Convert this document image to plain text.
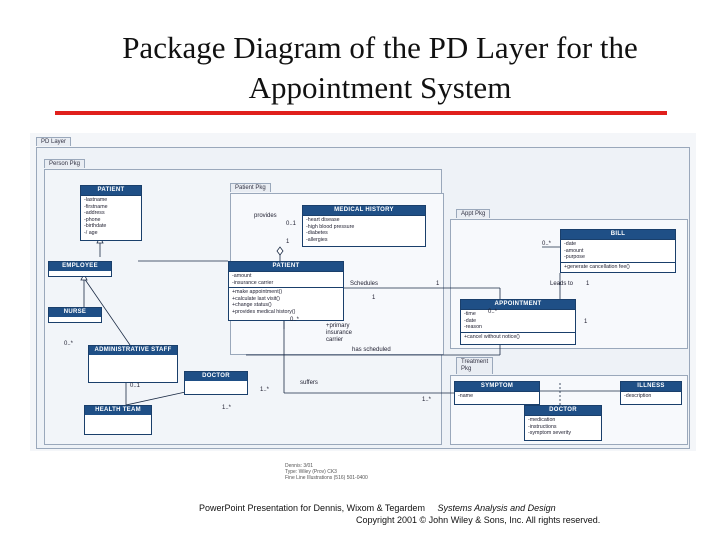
Package Diagram of the PD Layer for the
Appointment System
PD Layer
Person Pkg
Patient Pkg
Appt Pkg
Treatment
Pkg
PATIENT
-lastname
-firstname
-address
-phone
-birthdate
-/ age
EMPLOYEE
NURSE
ADMINISTRATIVE STAFF
DOCTOR
HEALTH TEAM
MEDICAL HISTORY
-heart disease
-high blood pressure
-diabetes
-allergies
PATIENT
-amount
-insurance carrier
+make appointment()
+calculate last visit()
+change status()
+provides medical history()
BILL
-date
-amount
-purpose
+generate cancellation fee()
APPOINTMENT
-time
-date
-reason
+cancel without notice()
SYMPTOM
-name
ILLNESS
-description
DOCTOR
-medication
-instructions
-symptom severity
provides
Schedules	Leads to
has scheduled
suffers
+primary
insurance
carrier
0..1
1
1
0..*
0..*
1
1
0..*
0..*
1..*
0..1
1..*
1..*
1
Dennis: 3/01
Type: Wiley (Prov) CK3
Fine Line Illustrations (516) 501-0400
PowerPoint Presentation for Dennis, Wixom & Tegardem Systems Analysis and Design
Copyright 2001 © John Wiley & Sons, Inc. All rights reserved.
